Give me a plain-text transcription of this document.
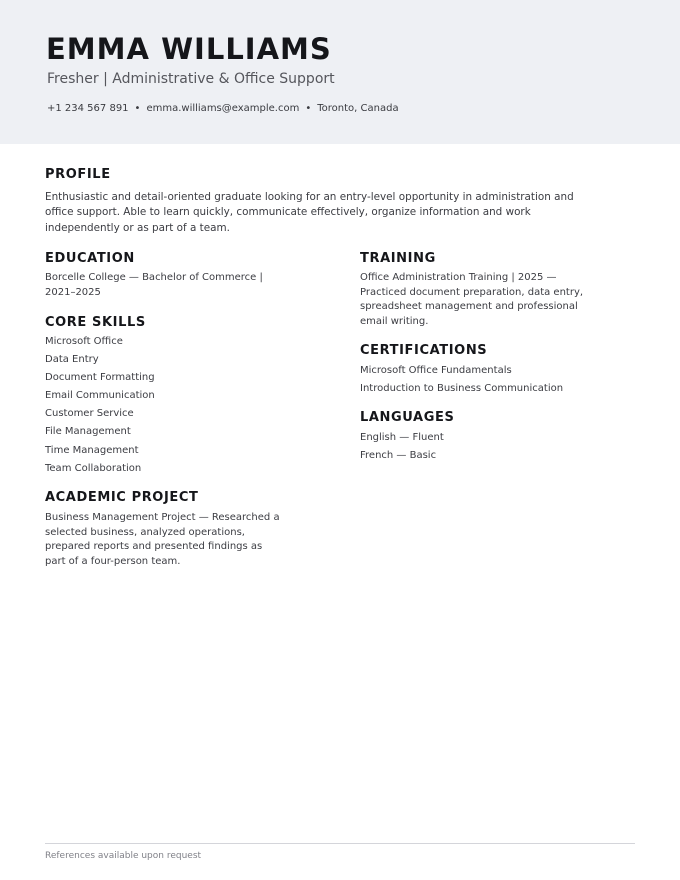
EMMA WILLIAMS
Fresher | Administrative & Office Support
+1 234 567 891 • emma.williams@example.com • Toronto, Canada
PROFILE
Enthusiastic and detail-oriented graduate looking for an entry-level opportunity in administration and office support. Able to learn quickly, communicate effectively, organize information and work independently or as part of a team.
EDUCATION
Borcelle College — Bachelor of Commerce | 2021–2025
CORE SKILLS
Microsoft Office
Data Entry
Document Formatting
Email Communication
Customer Service
File Management
Time Management
Team Collaboration
ACADEMIC PROJECT
Business Management Project — Researched a selected business, analyzed operations, prepared reports and presented findings as part of a four-person team.
TRAINING
Office Administration Training | 2025 — Practiced document preparation, data entry, spreadsheet management and professional email writing.
CERTIFICATIONS
Microsoft Office Fundamentals
Introduction to Business Communication
LANGUAGES
English — Fluent
French — Basic
References available upon request
